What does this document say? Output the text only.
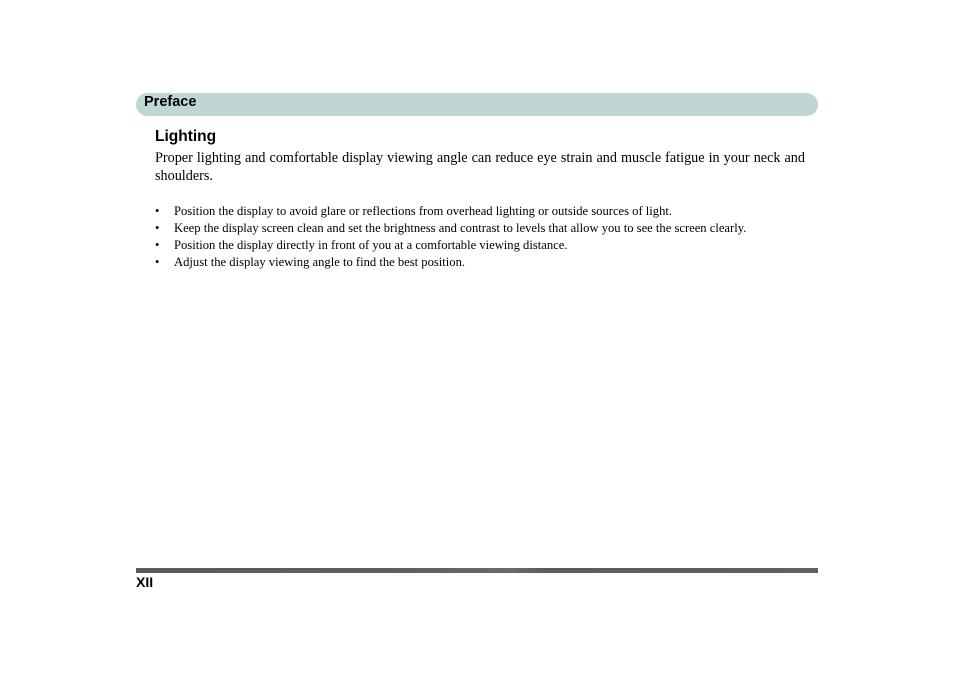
Preface
Lighting

Proper lighting and comfortable display viewing angle can reduce eye strain and muscle fatigue in your neck and shoulders.

• Position the display to avoid glare or reflections from overhead lighting or outside sources of light.
• Keep the display screen clean and set the brightness and contrast to levels that allow you to see the screen clearly.
• Position the display directly in front of you at a comfortable viewing distance.
• Adjust the display viewing angle to find the best position.
XII
